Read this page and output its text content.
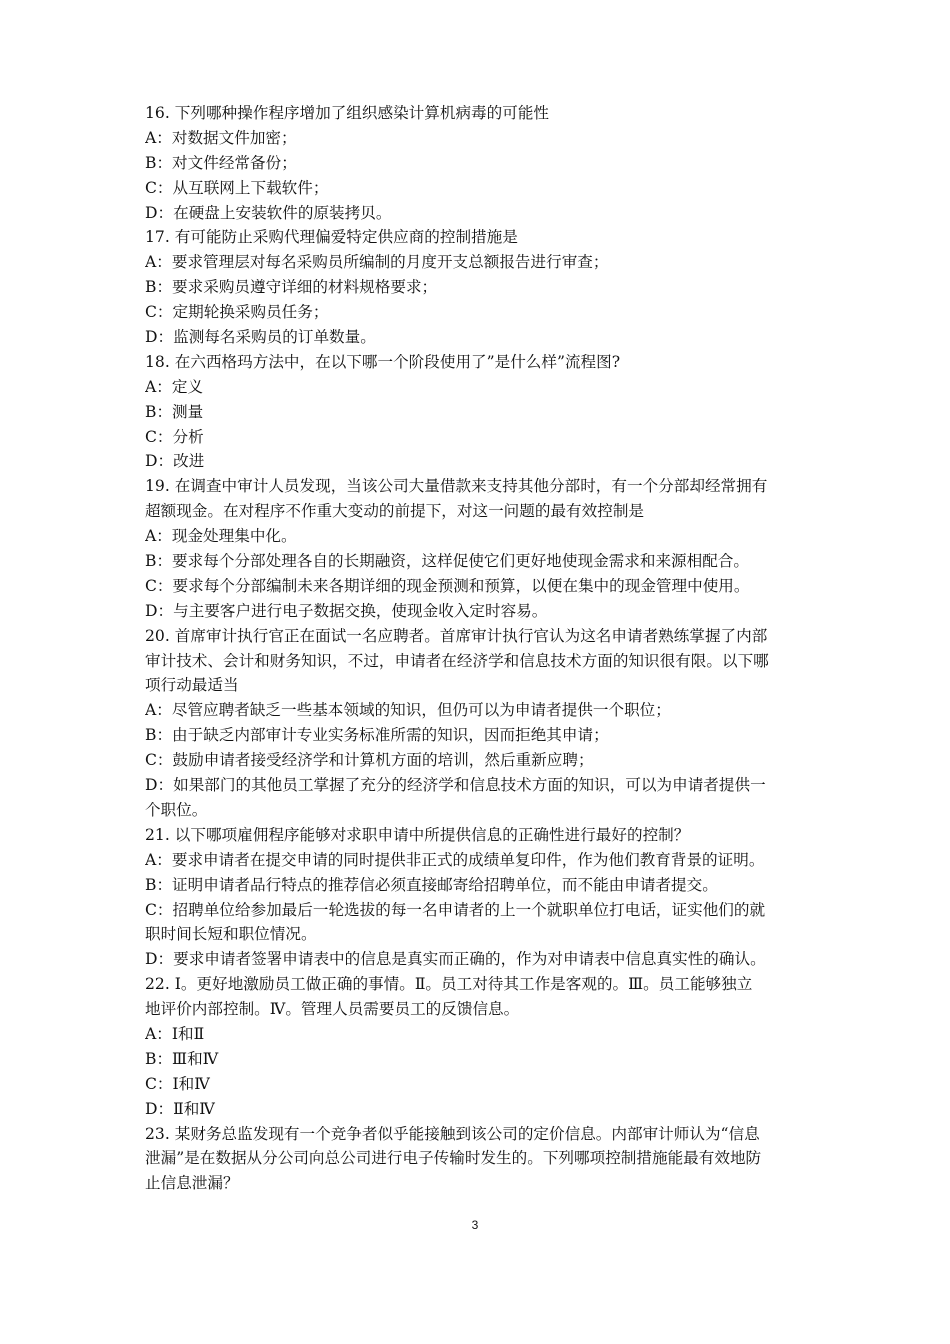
16. 下列哪种操作程序增加了组织感染计算机病毒的可能性
A：对数据文件加密；
B：对文件经常备份；
C：从互联网上下载软件；
D：在硬盘上安装软件的原装拷贝。
17. 有可能防止采购代理偏爱特定供应商的控制措施是
A：要求管理层对每名采购员所编制的月度开支总额报告进行审查；
B：要求采购员遵守详细的材料规格要求；
C：定期轮换采购员任务；
D：监测每名采购员的订单数量。
18. 在六西格玛方法中，在以下哪一个阶段使用了”是什么样”流程图?
A：定义
B：测量
C：分析
D：改进
19. 在调查中审计人员发现，当该公司大量借款来支持其他分部时，有一个分部却经常拥有
超额现金。在对程序不作重大变动的前提下，对这一问题的最有效控制是
A：现金处理集中化。
B：要求每个分部处理各自的长期融资，这样促使它们更好地使现金需求和来源相配合。
C：要求每个分部编制未来各期详细的现金预测和预算，以便在集中的现金管理中使用。
D：与主要客户进行电子数据交换，使现金收入定时容易。
20. 首席审计执行官正在面试一名应聘者。首席审计执行官认为这名申请者熟练掌握了内部
审计技术、会计和财务知识，不过，申请者在经济学和信息技术方面的知识很有限。以下哪
项行动最适当
A：尽管应聘者缺乏一些基本领域的知识，但仍可以为申请者提供一个职位；
B：由于缺乏内部审计专业实务标准所需的知识，因而拒绝其申请；
C：鼓励申请者接受经济学和计算机方面的培训，然后重新应聘；
D：如果部门的其他员工掌握了充分的经济学和信息技术方面的知识，可以为申请者提供一
个职位。
21. 以下哪项雇佣程序能够对求职申请中所提供信息的正确性进行最好的控制？
A：要求申请者在提交申请的同时提供非正式的成绩单复印件，作为他们教育背景的证明。
B：证明申请者品行特点的推荐信必须直接邮寄给招聘单位，而不能由申请者提交。
C：招聘单位给参加最后一轮选拔的每一名申请者的上一个就职单位打电话，证实他们的就
职时间长短和职位情况。
D：要求申请者签署申请表中的信息是真实而正确的，作为对申请表中信息真实性的确认。
22. Ⅰ。更好地激励员工做正确的事情。Ⅱ。员工对待其工作是客观的。Ⅲ。员工能够独立
地评价内部控制。Ⅳ。管理人员需要员工的反馈信息。
A：Ⅰ和Ⅱ
B：Ⅲ和Ⅳ
C：Ⅰ和Ⅳ
D：Ⅱ和Ⅳ
23. 某财务总监发现有一个竞争者似乎能接触到该公司的定价信息。内部审计师认为“信息
泄漏”是在数据从分公司向总公司进行电子传输时发生的。下列哪项控制措施能最有效地防
止信息泄漏？
3
